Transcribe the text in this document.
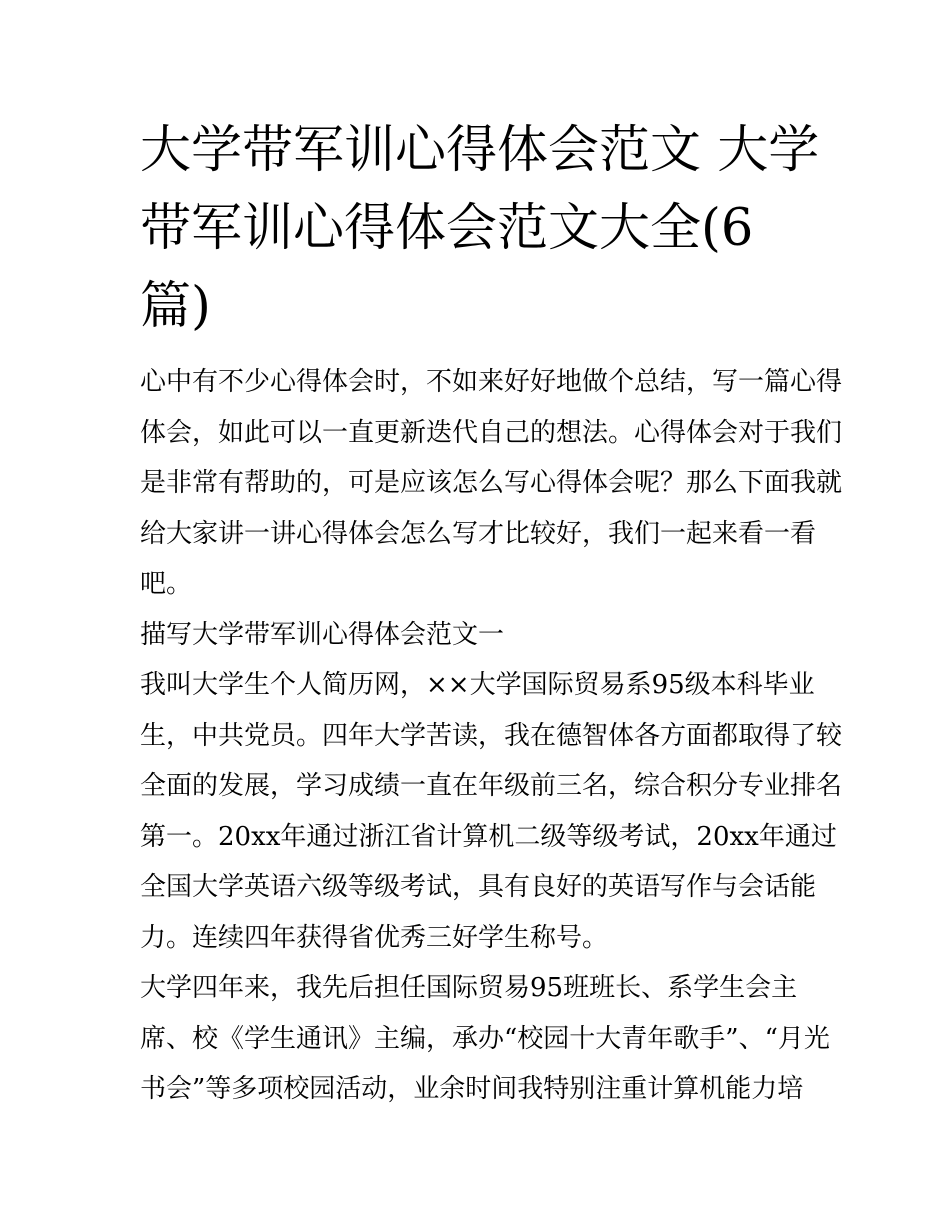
大学带军训心得体会范文 大学
带军训心得体会范文大全(6
篇)
心中有不少心得体会时，不如来好好地做个总结，写一篇心得
体会，如此可以一直更新迭代自己的想法。心得体会对于我们
是非常有帮助的，可是应该怎么写心得体会呢？那么下面我就
给大家讲一讲心得体会怎么写才比较好，我们一起来看一看
吧。
描写大学带军训心得体会范文一
我叫大学生个人简历网，××大学国际贸易系95级本科毕业
生，中共党员。四年大学苦读，我在德智体各方面都取得了较
全面的发展，学习成绩一直在年级前三名，综合积分专业排名
第一。20xx年通过浙江省计算机二级等级考试，20xx年通过
全国大学英语六级等级考试，具有良好的英语写作与会话能
力。连续四年获得省优秀三好学生称号。
大学四年来，我先后担任国际贸易95班班长、系学生会主
席、校《学生通讯》主编，承办“校园十大青年歌手”、“月光
书会”等多项校园活动，业余时间我特别注重计算机能力培
